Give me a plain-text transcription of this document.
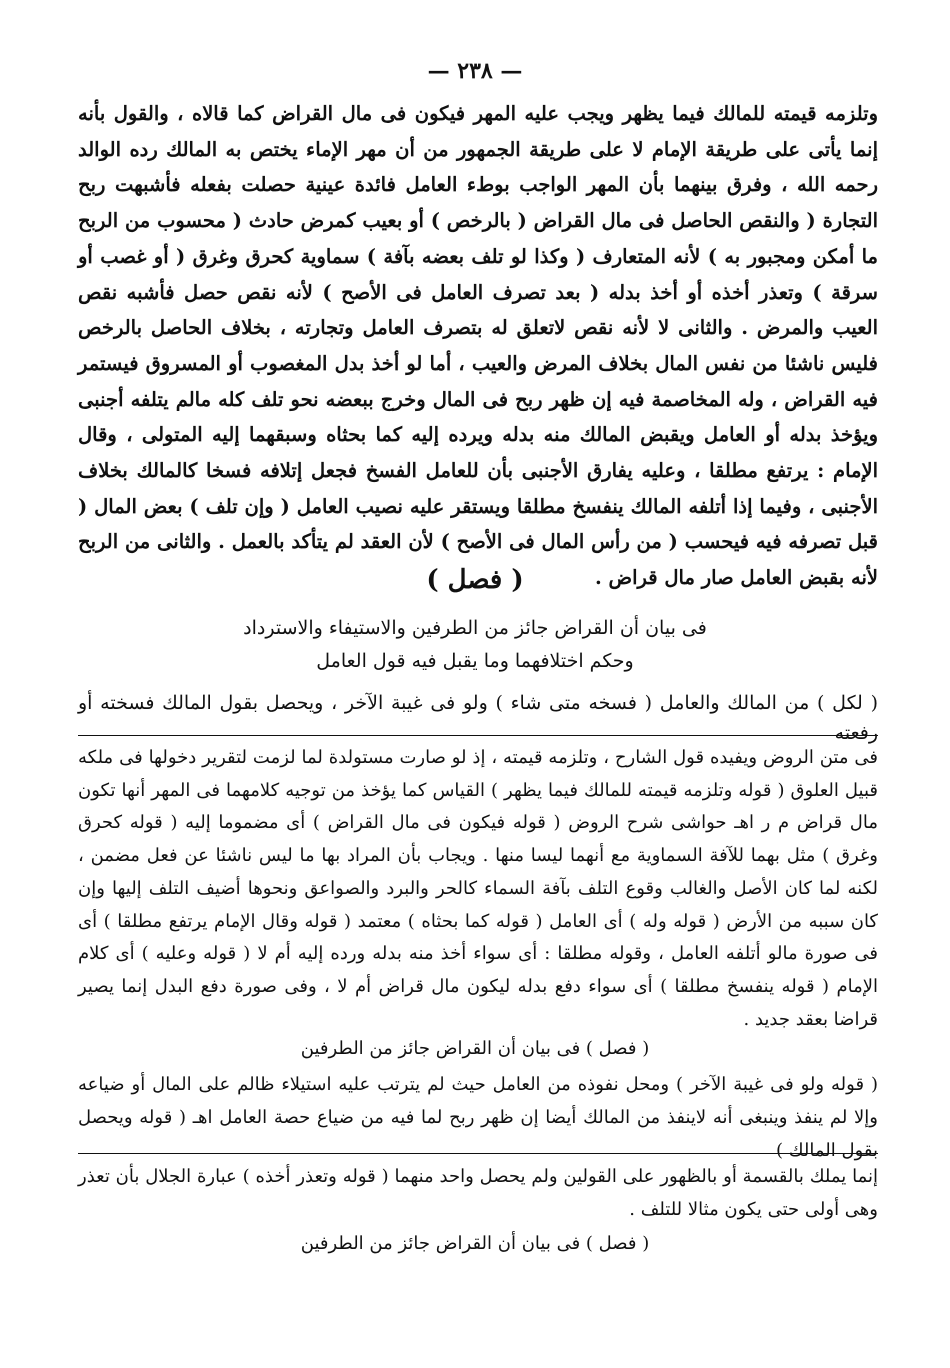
— ٢٣٨ —
وتلزمه قيمته للمالك فيما يظهر ويجب عليه المهر فيكون فى مال القراض كما قالاه ، والقول بأنه إنما يأتى على طريقة الإمام لا على طريقة الجمهور من أن مهر الإماء يختص به المالك رده الوالد رحمه الله ، وفرق بينهما بأن المهر الواجب بوطء العامل فائدة عينية حصلت بفعله فأشبهت ربح التجارة ( والنقص الحاصل فى مال القراض ( بالرخص ) أو بعيب كمرض حادث ( محسوب من الربح ما أمكن ومجبور به ) لأنه المتعارف ( وكذا لو تلف بعضه بآفة ) سماوية كحرق وغرق ( أو غصب أو سرقة ) وتعذر أخذه أو أخذ بدله ( بعد تصرف العامل فى الأصح ) لأنه نقص حصل فأشبه نقص العيب والمرض . والثانى لا لأنه نقص لاتعلق له بتصرف العامل وتجارته ، بخلاف الحاصل بالرخص فليس ناشئا من نفس المال بخلاف المرض والعيب ، أما لو أخذ بدل المغصوب أو المسروق فيستمر فيه القراض ، وله المخاصمة فيه إن ظهر ربح فى المال وخرج ببعضه نحو تلف كله مالم يتلفه أجنبى ويؤخذ بدله أو العامل ويقبض المالك منه بدله ويرده إليه كما بحثاه وسبقهما إليه المتولى ، وقال الإمام : يرتفع مطلقا ، وعليه يفارق الأجنبى بأن للعامل الفسخ فجعل إتلافه فسخا كالمالك بخلاف الأجنبى ، وفيما إذا أتلفه المالك ينفسخ مطلقا ويستقر عليه نصيب العامل ( وإن تلف ) بعض المال ( قبل تصرفه فيه فيحسب ( من رأس المال فى الأصح ) لأن العقد لم يتأكد بالعمل . والثانى من الربح لأنه بقبض العامل صار مال قراض .
( فصل )
فى بيان أن القراض جائز من الطرفين والاستيفاء والاسترداد
وحكم اختلافهما وما يقبل فيه قول العامل
( لكل ) من المالك والعامل ( فسخه متى شاء ) ولو فى غيبة الآخر ، ويحصل بقول المالك فسخته أو رفعته
فى متن الروض ويفيده قول الشارح ، وتلزمه قيمته ، إذ لو صارت مستولدة لما لزمت لتقرير دخولها فى ملكه قبيل العلوق ( قوله وتلزمه قيمته للمالك فيما يظهر ) القياس كما يؤخذ من توجيه كلامهما فى المهر أنها تكون مال قراض م ر اهـ حواشى شرح الروض ( قوله فيكون فى مال القراض ) أى مضموما إليه ( قوله كحرق وغرق ) مثل بهما للآفة السماوية مع أنهما ليسا منها . ويجاب بأن المراد بها ما ليس ناشئا عن فعل مضمن ، لكنه لما كان الأصل والغالب وقوع التلف بآفة السماء كالحر والبرد والصواعق ونحوها أضيف التلف إليها وإن كان سببه من الأرض ( قوله وله ) أى العامل ( قوله كما بحثاه ) معتمد ( قوله وقال الإمام يرتفع مطلقا ) أى فى صورة مالو أتلفه العامل ، وقوله مطلقا : أى سواء أخذ منه بدله ورده إليه أم لا ( قوله وعليه ) أى كلام الإمام ( قوله ينفسخ مطلقا ) أى سواء دفع بدله ليكون مال قراض أم لا ، وفى صورة دفع البدل إنما يصير قراضا بعقد جديد .
( فصل ) فى بيان أن القراض جائز من الطرفين
( قوله ولو فى غيبة الآخر ) ومحل نفوذه من العامل حيث لم يترتب عليه استيلاء ظالم على المال أو ضياعه وإلا لم ينفذ وينبغى أنه لاينفذ من المالك أيضا إن ظهر ربح لما فيه من ضياع حصة العامل اهـ ( قوله ويحصل بقول المالك )
إنما يملك بالقسمة أو بالظهور على القولين ولم يحصل واحد منهما ( قوله وتعذر أخذه ) عبارة الجلال بأن تعذر وهى أولى حتى يكون مثالا للتلف .
( فصل ) فى بيان أن القراض جائز من الطرفين
